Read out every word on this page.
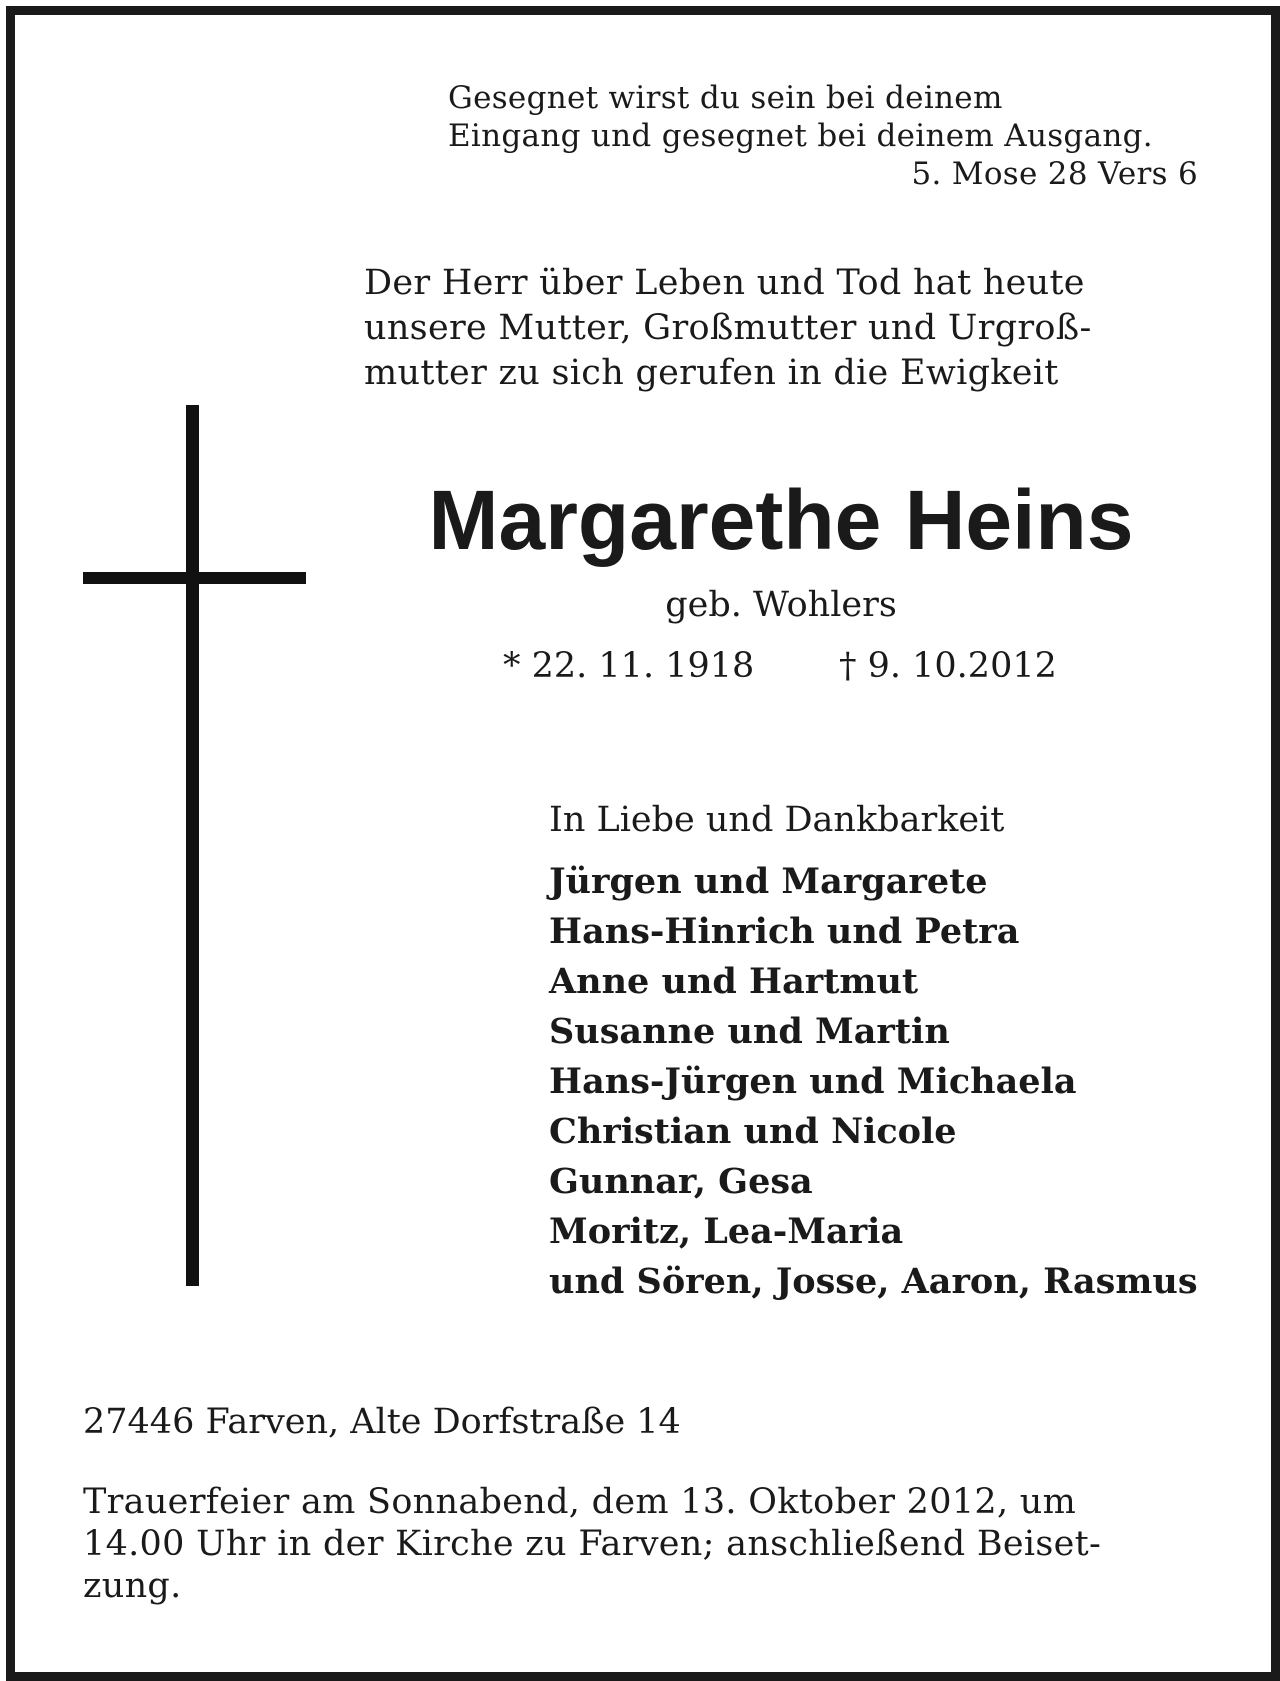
Gesegnet wirst du sein bei deinem
Eingang und gesegnet bei deinem Ausgang.
5. Mose 28 Vers 6
Der Herr über Leben und Tod hat heute
unsere Mutter, Großmutter und Urgroß-
mutter zu sich gerufen in die Ewigkeit
Margarethe Heins
geb. Wohlers
* 22. 11. 1918 † 9. 10.2012
In Liebe und Dankbarkeit
Jürgen und Margarete
Hans-Hinrich und Petra
Anne und Hartmut
Susanne und Martin
Hans-Jürgen und Michaela
Christian und Nicole
Gunnar, Gesa
Moritz, Lea-Maria
und Sören, Josse, Aaron, Rasmus
27446 Farven, Alte Dorfstraße 14
Trauerfeier am Sonnabend, dem 13. Oktober 2012, um
14.00 Uhr in der Kirche zu Farven; anschließend Beiset-
zung.
